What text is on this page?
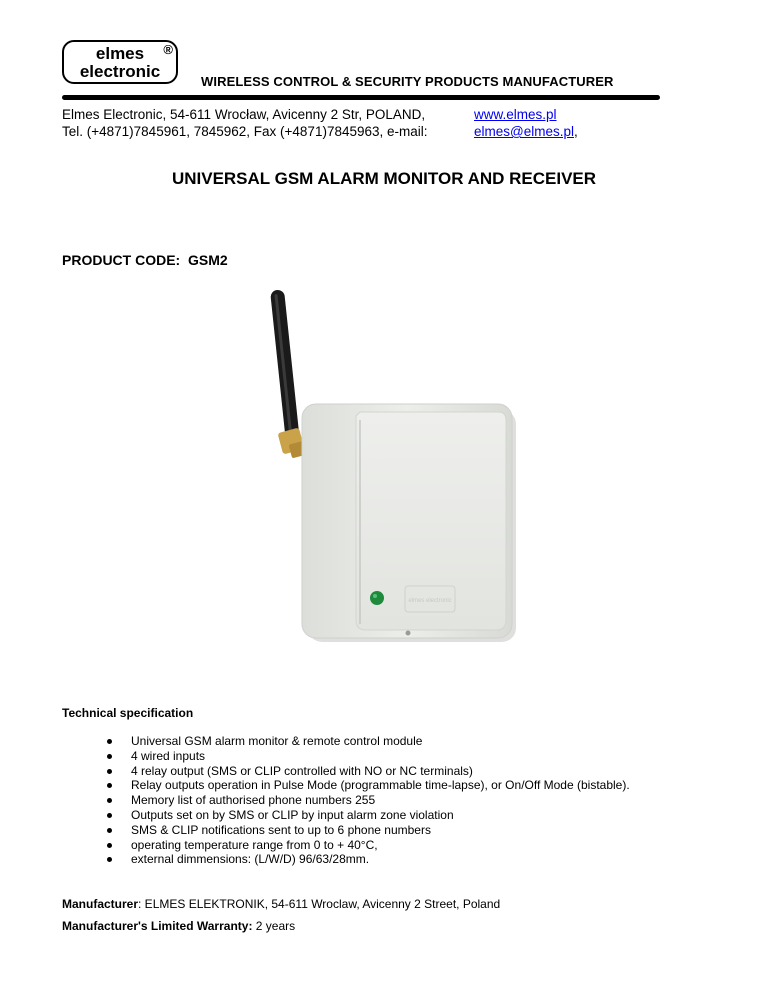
®
elmes
electronic
WIRELESS CONTROL & SECURITY PRODUCTS MANUFACTURER
Elmes Electronic, 54-611 Wrocław, Avicenny 2 Str, POLAND,
Tel. (+4871)7845961, 7845962, Fax (+4871)7845963, e-mail:
www.elmes.pl
elmes@elmes.pl,
UNIVERSAL GSM ALARM MONITOR AND RECEIVER
PRODUCT CODE: GSM2
elmes electronic
Technical specification
Universal GSM alarm monitor & remote control module
4 wired inputs
4 relay output (SMS or CLIP controlled with NO or NC terminals)
Relay outputs operation in Pulse Mode (programmable time-lapse), or On/Off Mode (bistable).
Memory list of authorised phone numbers 255
Outputs set on by SMS or CLIP by input alarm zone violation
SMS & CLIP notifications sent to up to 6 phone numbers
operating temperature range from 0 to + 40°C,
external dimmensions: (L/W/D) 96/63/28mm.
Manufacturer: ELMES ELEKTRONIK, 54-611 Wroclaw, Avicenny 2 Street, Poland
Manufacturer's Limited Warranty: 2 years
